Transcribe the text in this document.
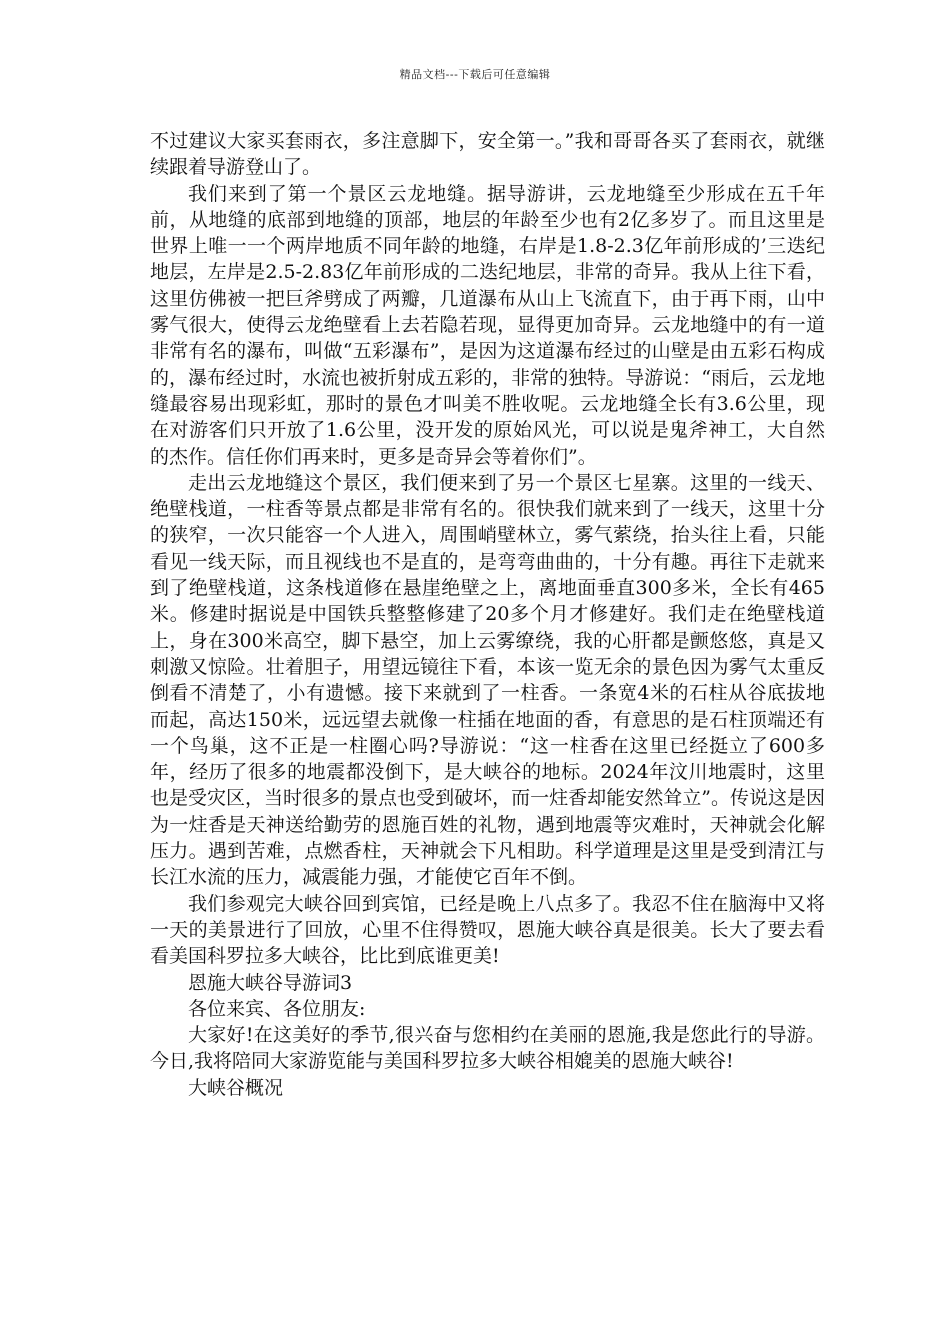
精品文档---下载后可任意编辑

不过建议大家买套雨衣，多注意脚下，安全第一。”我和哥哥各买了套雨衣，就继续跟着导游登山了。

我们来到了第一个景区云龙地缝。据导游讲，云龙地缝至少形成在五千年前，从地缝的底部到地缝的顶部，地层的年龄至少也有2亿多岁了。而且这里是世界上唯一一个两岸地质不同年龄的地缝，右岸是1.8-2.3亿年前形成的’三迭纪地层，左岸是2.5-2.83亿年前形成的二迭纪地层，非常的奇异。我从上往下看，这里仿佛被一把巨斧劈成了两瓣，几道瀑布从山上飞流直下，由于再下雨，山中雾气很大，使得云龙绝壁看上去若隐若现，显得更加奇异。云龙地缝中的有一道非常有名的瀑布，叫做“五彩瀑布”，是因为这道瀑布经过的山壁是由五彩石构成的，瀑布经过时，水流也被折射成五彩的，非常的独特。导游说：“雨后，云龙地缝最容易出现彩虹，那时的景色才叫美不胜收呢。云龙地缝全长有3.6公里，现在对游客们只开放了1.6公里，没开发的原始风光，可以说是鬼斧神工，大自然的杰作。信任你们再来时，更多是奇异会等着你们”。

走出云龙地缝这个景区，我们便来到了另一个景区七星寨。这里的一线天、绝壁栈道，一柱香等景点都是非常有名的。很快我们就来到了一线天，这里十分的狭窄，一次只能容一个人进入，周围峭壁林立，雾气萦绕，抬头往上看，只能看见一线天际，而且视线也不是直的，是弯弯曲曲的，十分有趣。再往下走就来到了绝壁栈道，这条栈道修在悬崖绝壁之上，离地面垂直300多米，全长有465米。修建时据说是中国铁兵整整修建了20多个月才修建好。我们走在绝壁栈道上，身在300米高空，脚下悬空，加上云雾缭绕，我的心肝都是颤悠悠，真是又刺激又惊险。壮着胆子，用望远镜往下看，本该一览无余的景色因为雾气太重反倒看不清楚了，小有遗憾。接下来就到了一柱香。一条宽4米的石柱从谷底拔地而起，高达150米，远远望去就像一柱插在地面的香，有意思的是石柱顶端还有一个鸟巢，这不正是一柱圈心吗?导游说：“这一柱香在这里已经挺立了600多年，经历了很多的地震都没倒下，是大峡谷的地标。2024年汶川地震时，这里也是受灾区，当时很多的景点也受到破坏，而一炷香却能安然耸立”。传说这是因为一炷香是天神送给勤劳的恩施百姓的礼物，遇到地震等灾难时，天神就会化解压力。遇到苦难，点燃香柱，天神就会下凡相助。科学道理是这里是受到清江与长江水流的压力，减震能力强，才能使它百年不倒。

我们参观完大峡谷回到宾馆，已经是晚上八点多了。我忍不住在脑海中又将一天的美景进行了回放，心里不住得赞叹，恩施大峡谷真是很美。长大了要去看看美国科罗拉多大峡谷，比比到底谁更美!

恩施大峡谷导游词3

各位来宾、各位朋友:

大家好!在这美好的季节,很兴奋与您相约在美丽的恩施,我是您此行的导游。今日,我将陪同大家游览能与美国科罗拉多大峡谷相媲美的恩施大峡谷!

大峡谷概况
